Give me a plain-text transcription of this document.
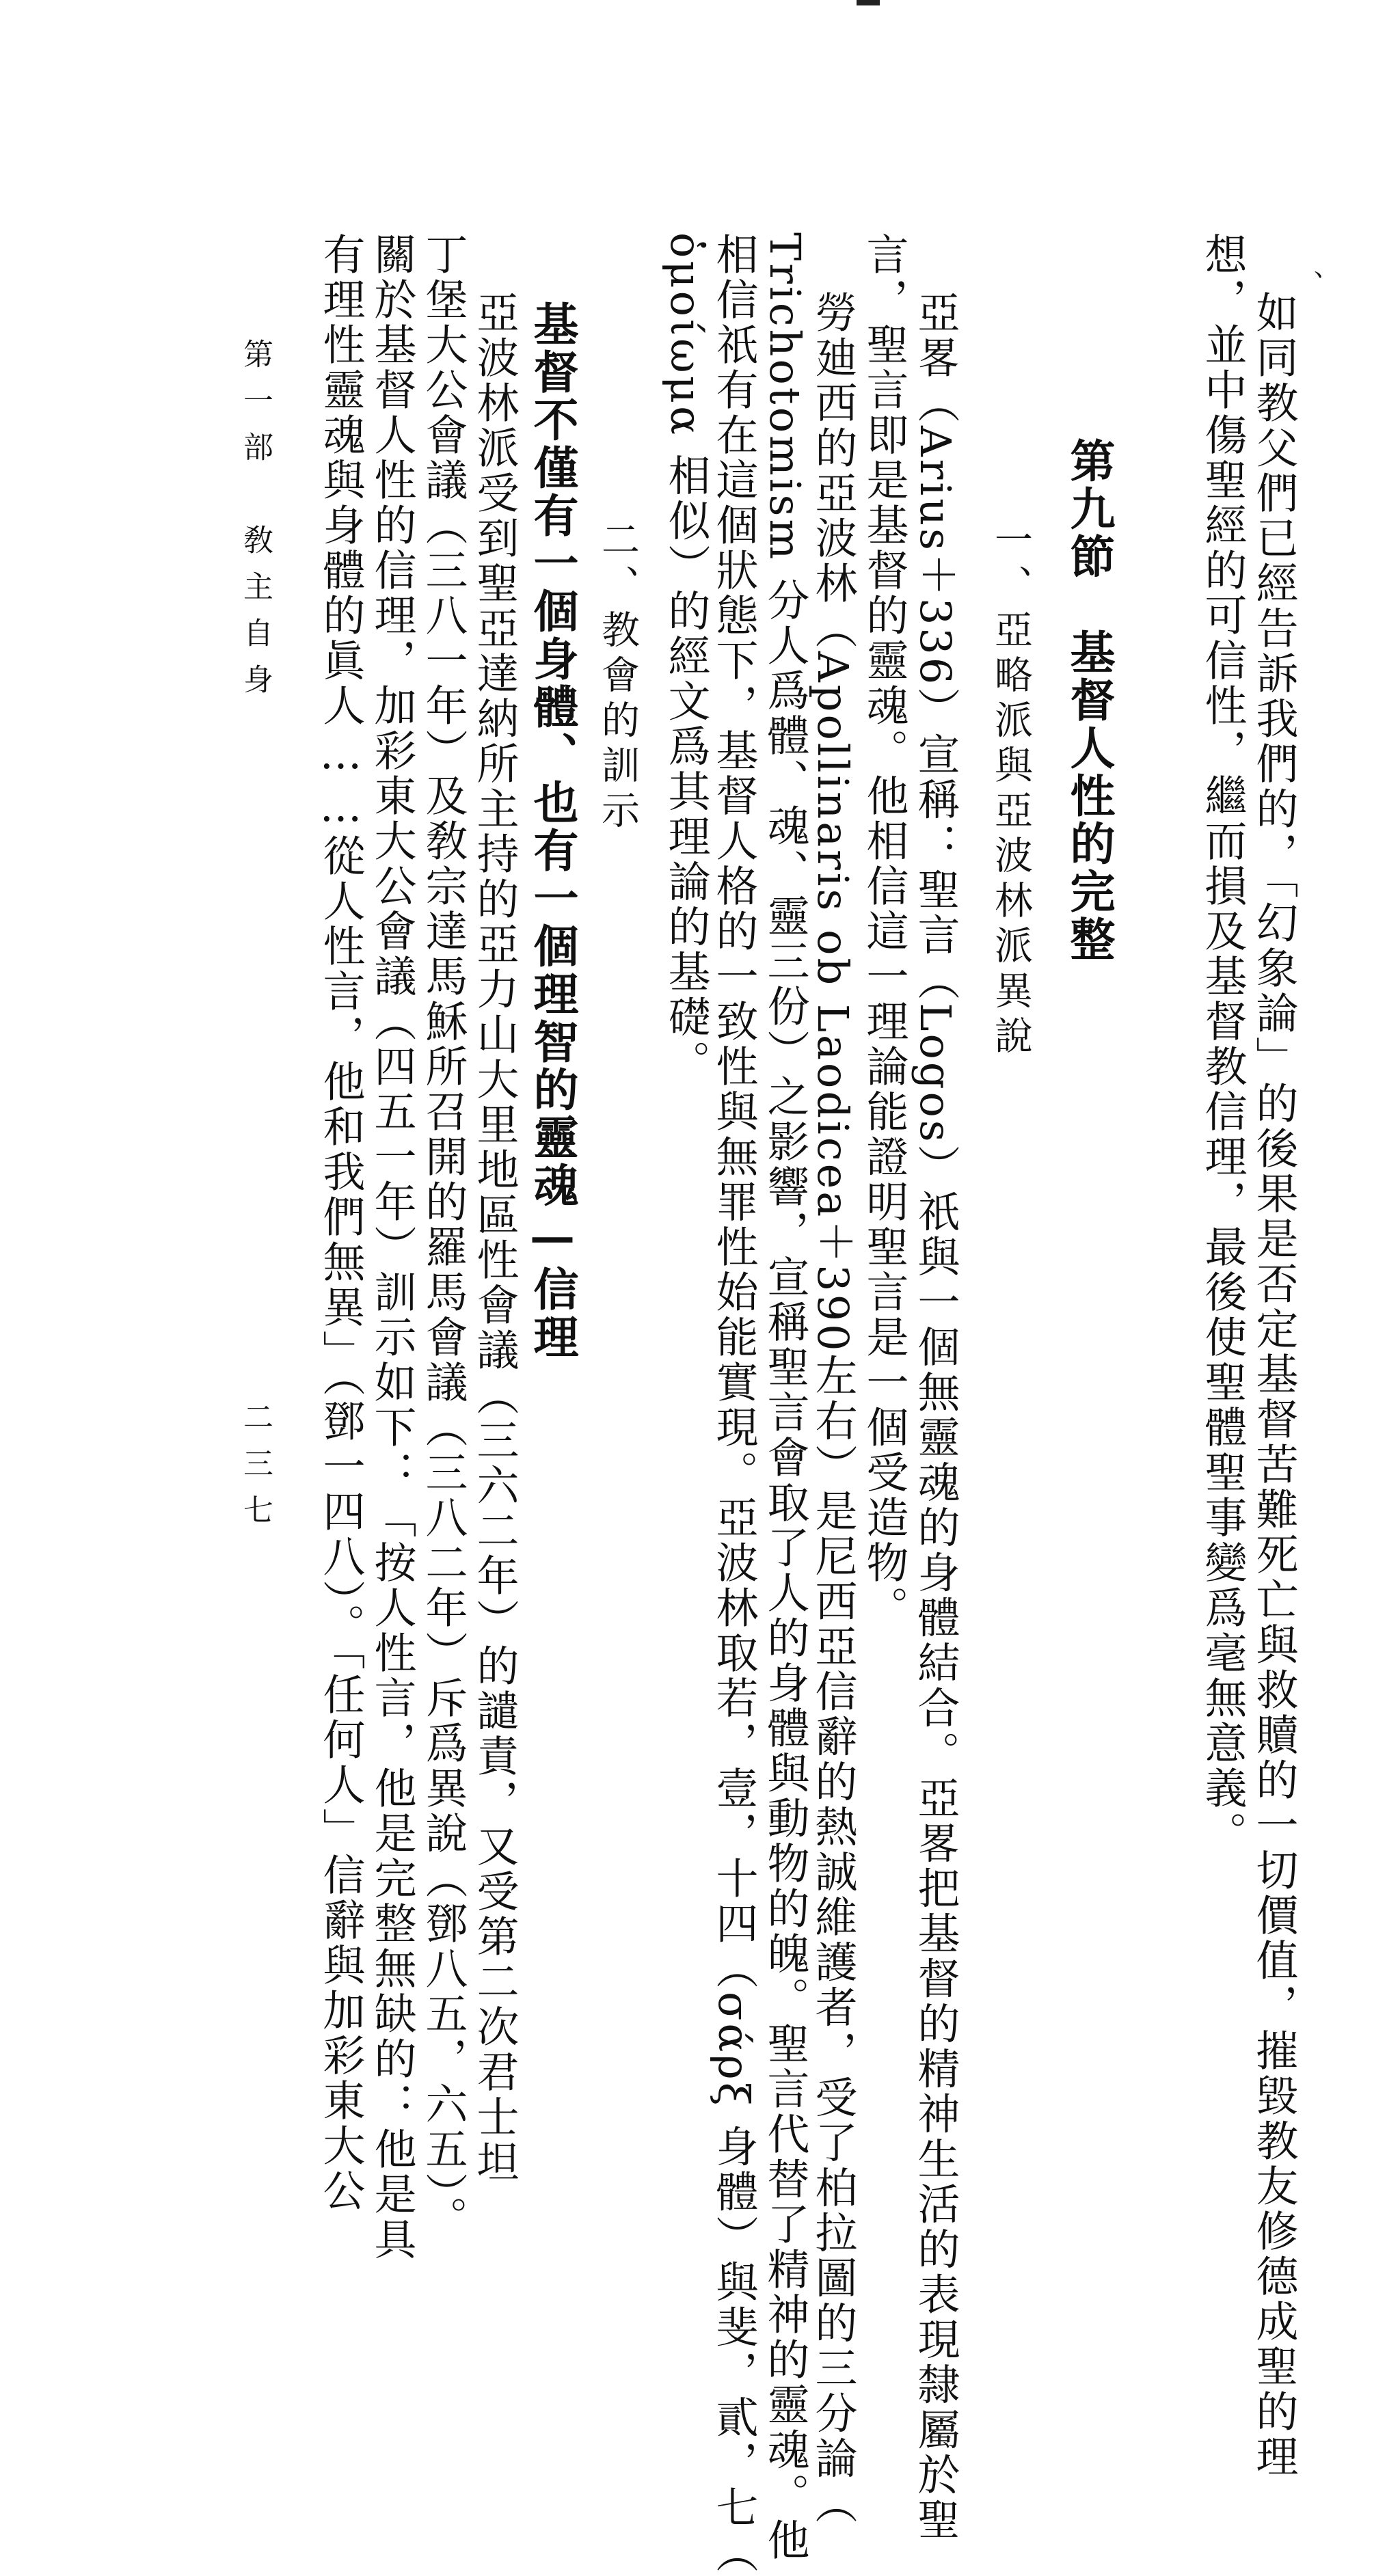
、
如同教父們已經告訴我們的，「幻象論」的後果是否定基督苦難死亡與救贖的一切價值，摧毀教友修德成聖的理
想，並中傷聖經的可信性，繼而損及基督教信理，最後使聖體聖事變爲毫無意義。
第九節　基督人性的完整
一、亞略派與亞波林派異說
亞畧（Arius＋336）宣稱：聖言（Logos）祇與一個無靈魂的身體結合。亞畧把基督的精神生活的表現隸屬於聖
言，聖言即是基督的靈魂。他相信這一理論能證明聖言是一個受造物。
勞廸西的亞波林（Apollinaris ob Laodicea＋390左右）是尼西亞信辭的熱誠維護者，受了柏拉圖的三分論（
Trichotomism 分人爲體、魂、靈三份）之影響，宣稱聖言會取了人的身體與動物的魄。聖言代替了精神的靈魂。他
相信祇有在這個狀態下，基督人格的一致性與無罪性始能實現。亞波林取若，壹，十四（σάρξ 身體）與斐，貳，七（
ὁμοίωμα 相似）的經文爲其理論的基礎。
二、教會的訓示
基督不僅有一個身體、也有一個理智的靈魂—信理
亞波林派受到聖亞達納所主持的亞力山大里地區性會議（三六二年）的譴責，又受第二次君士坦
丁堡大公會議（三八一年）及敎宗達馬穌所召開的羅馬會議（三八二年）斥爲異說（鄧八五，六五）。
關於基督人性的信理，加彩東大公會議（四五一年）訓示如下：「按人性言，他是完整無缺的：他是具
有理性靈魂與身體的眞人……從人性言，他和我們無異」（鄧一四八）。「任何人」信辭與加彩東大公
第一部　敎主自身
二三七
